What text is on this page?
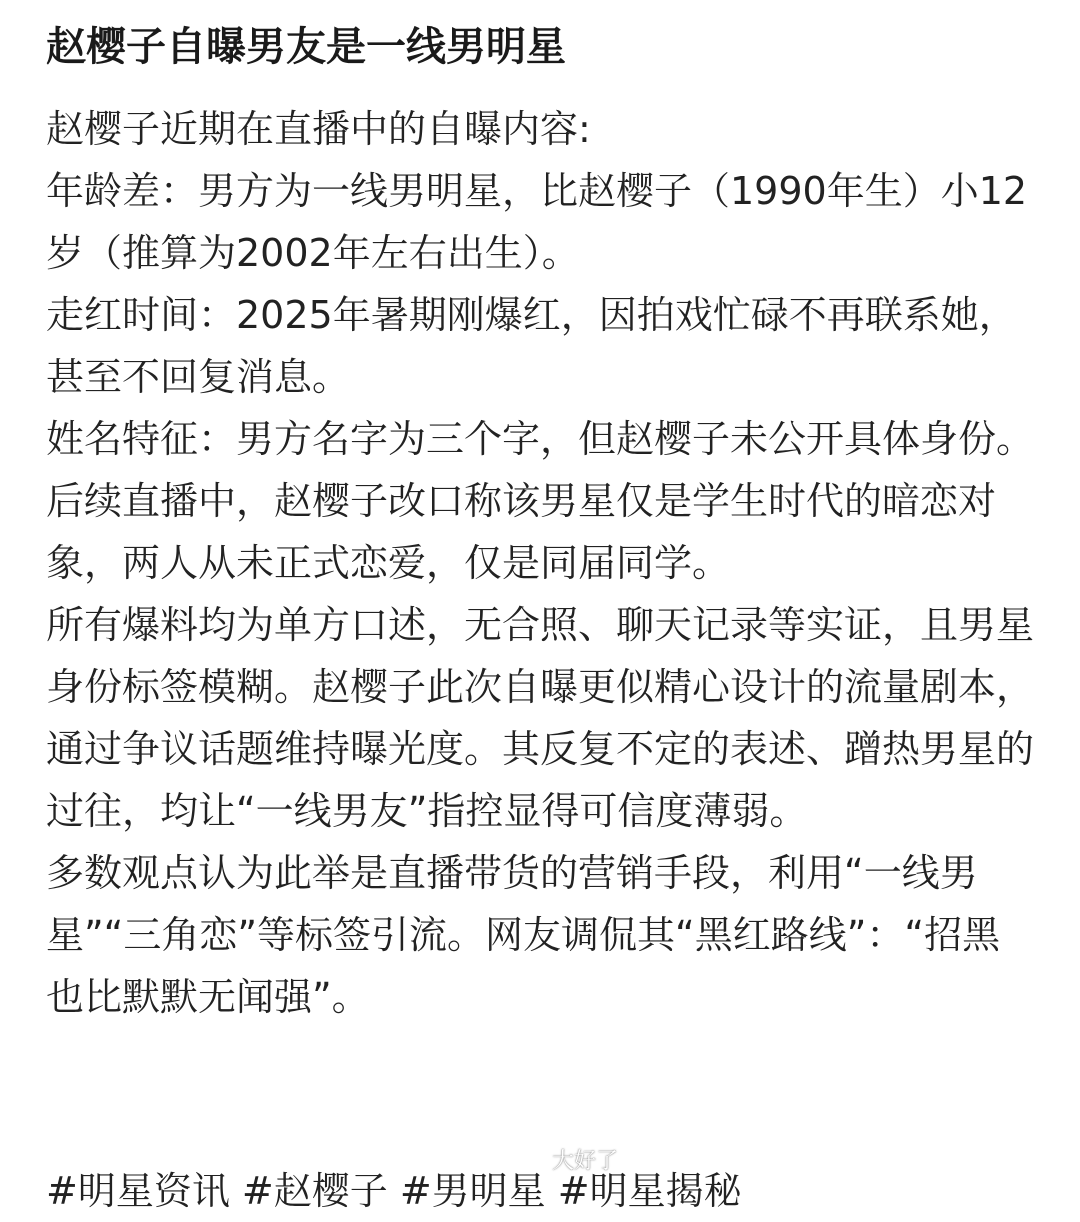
赵樱子自曝男友是一线男明星

赵樱子近期在直播中的自曝内容:

年龄差：男方为一线男明星，比赵樱子（1990年生）小12岁（推算为2002年左右出生）。

走红时间：2025年暑期刚爆红，因拍戏忙碌不再联系她，甚至不回复消息。

姓名特征：男方名字为三个字，但赵樱子未公开具体身份。

后续直播中，赵樱子改口称该男星仅是学生时代的暗恋对象，两人从未正式恋爱，仅是同届同学。

所有爆料均为单方口述，无合照、聊天记录等实证，且男星身份标签模糊。赵樱子此次自曝更似精心设计的流量剧本，通过争议话题维持曝光度。其反复不定的表述、蹭热男星的过往，均让“一线男友”指控显得可信度薄弱。

多数观点认为此举是直播带货的营销手段，利用“一线男星”“三角恋”等标签引流。网友调侃其“黑红路线”：“招黑也比默默无闻强”。

#明星资讯 #赵樱子 #男明星 #明星揭秘
大好了
